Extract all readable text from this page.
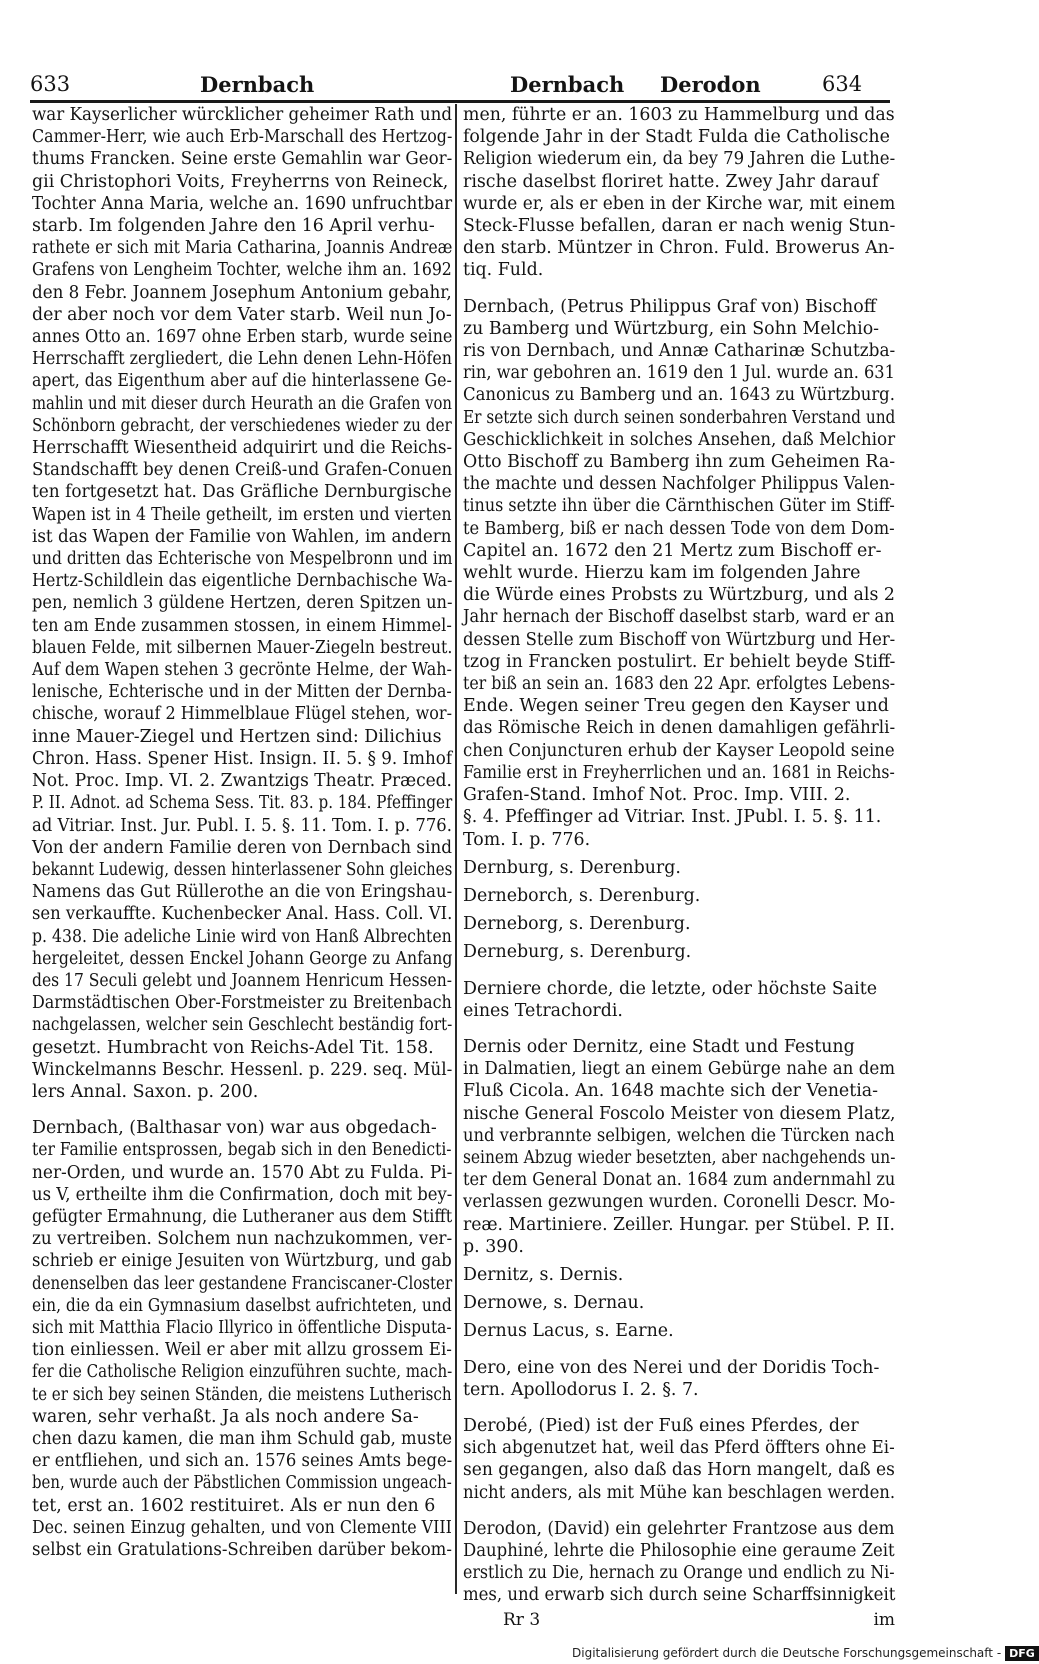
633	Dernbach	Dernbach Derodon	634

war Kayserlicher würcklicher geheimer Rath und
Cammer-Herr, wie auch Erb-Marschall des Hertzog-
thums Francken. Seine erste Gemahlin war Geor-
gii Christophori Voits, Freyherrns von Reineck,
Tochter Anna Maria, welche an. 1690 unfruchtbar
starb. Im folgenden Jahre den 16 April verhu-
rathete er sich mit Maria Catharina, Joannis Andreæ
Grafens von Lengheim Tochter, welche ihm an. 1692
den 8 Febr. Joannem Josephum Antonium gebahr,
der aber noch vor dem Vater starb. Weil nun Jo-
annes Otto an. 1697 ohne Erben starb, wurde seine
Herrschafft zergliedert, die Lehn denen Lehn-Höfen
apert, das Eigenthum aber auf die hinterlassene Ge-
mahlin und mit dieser durch Heurath an die Grafen von
Schönborn gebracht, der verschiedenes wieder zu der
Herrschafft Wiesentheid adquirirt und die Reichs-
Standschafft bey denen Creiß-und Grafen-Conuen
ten fortgesetzt hat. Das Gräfliche Dernburgische
Wapen ist in 4 Theile getheilt, im ersten und vierten
ist das Wapen der Familie von Wahlen, im andern
und dritten das Echterische von Mespelbronn und im
Hertz-Schildlein das eigentliche Dernbachische Wa-
pen, nemlich 3 güldene Hertzen, deren Spitzen un-
ten am Ende zusammen stossen, in einem Himmel-
blauen Felde, mit silbernen Mauer-Ziegeln bestreut.
Auf dem Wapen stehen 3 gecrönte Helme, der Wah-
lenische, Echterische und in der Mitten der Dernba-
chische, worauf 2 Himmelblaue Flügel stehen, wor-
inne Mauer-Ziegel und Hertzen sind: Dilichius
Chron. Hass. Spener Hist. Insign. II. 5. § 9. Imhof
Not. Proc. Imp. VI. 2. Zwantzigs Theatr. Præced.
P. II. Adnot. ad Schema Sess. Tit. 83. p. 184. Pfeffinger
ad Vitriar. Inst. Jur. Publ. I. 5. §. 11. Tom. I. p. 776.
Von der andern Familie deren von Dernbach sind
bekannt Ludewig, dessen hinterlassener Sohn gleiches
Namens das Gut Rüllerothe an die von Eringshau-
sen verkauffte. Kuchenbecker Anal. Hass. Coll. VI.
p. 438. Die adeliche Linie wird von Hanß Albrechten
hergeleitet, dessen Enckel Johann George zu Anfang
des 17 Seculi gelebt und Joannem Henricum Hessen-
Darmstädtischen Ober-Forstmeister zu Breitenbach
nachgelassen, welcher sein Geschlecht beständig fort-
gesetzt. Humbracht von Reichs-Adel Tit. 158.
Winckelmanns Beschr. Hessenl. p. 229. seq. Mül-
lers Annal. Saxon. p. 200.

Dernbach, (Balthasar von) war aus obgedach-
ter Familie entsprossen, begab sich in den Benedicti-
ner-Orden, und wurde an. 1570 Abt zu Fulda. Pi-
us V, ertheilte ihm die Confirmation, doch mit bey-
gefügter Ermahnung, die Lutheraner aus dem Stifft
zu vertreiben. Solchem nun nachzukommen, ver-
schrieb er einige Jesuiten von Würtzburg, und gab
denenselben das leer gestandene Franciscaner-Closter
ein, die da ein Gymnasium daselbst aufrichteten, und
sich mit Matthia Flacio Illyrico in öffentliche Disputa-
tion einliessen. Weil er aber mit allzu grossem Ei-
fer die Catholische Religion einzuführen suchte, mach-
te er sich bey seinen Ständen, die meistens Lutherisch
waren, sehr verhaßt. Ja als noch andere Sa-
chen dazu kamen, die man ihm Schuld gab, muste
er entfliehen, und sich an. 1576 seines Amts bege-
ben, wurde auch der Päbstlichen Commission ungeach-
tet, erst an. 1602 restituiret. Als er nun den 6
Dec. seinen Einzug gehalten, und von Clemente VIII
selbst ein Gratulations-Schreiben darüber bekom-

men, führte er an. 1603 zu Hammelburg und das
folgende Jahr in der Stadt Fulda die Catholische
Religion wiederum ein, da bey 79 Jahren die Luthe-
rische daselbst floriret hatte. Zwey Jahr darauf
wurde er, als er eben in der Kirche war, mit einem
Steck-Flusse befallen, daran er nach wenig Stun-
den starb. Müntzer in Chron. Fuld. Browerus An-
tiq. Fuld.

Dernbach, (Petrus Philippus Graf von) Bischoff
zu Bamberg und Würtzburg, ein Sohn Melchio-
ris von Dernbach, und Annæ Catharinæ Schutzba-
rin, war gebohren an. 1619 den 1 Jul. wurde an. 631
Canonicus zu Bamberg und an. 1643 zu Würtzburg.
Er setzte sich durch seinen sonderbahren Verstand und
Geschicklichkeit in solches Ansehen, daß Melchior
Otto Bischoff zu Bamberg ihn zum Geheimen Ra-
the machte und dessen Nachfolger Philippus Valen-
tinus setzte ihn über die Cärnthischen Güter im Stiff-
te Bamberg, biß er nach dessen Tode von dem Dom-
Capitel an. 1672 den 21 Mertz zum Bischoff er-
wehlt wurde. Hierzu kam im folgenden Jahre
die Würde eines Probsts zu Würtzburg, und als 2
Jahr hernach der Bischoff daselbst starb, ward er an
dessen Stelle zum Bischoff von Würtzburg und Her-
tzog in Francken postulirt. Er behielt beyde Stiff-
ter biß an sein an. 1683 den 22 Apr. erfolgtes Lebens-
Ende. Wegen seiner Treu gegen den Kayser und
das Römische Reich in denen damahligen gefährli-
chen Conjuncturen erhub der Kayser Leopold seine
Familie erst in Freyherrlichen und an. 1681 in Reichs-
Grafen-Stand. Imhof Not. Proc. Imp. VIII. 2.
§. 4. Pfeffinger ad Vitriar. Inst. JPubl. I. 5. §. 11.
Tom. I. p. 776.

Dernburg, s. Derenburg.

Derneborch, s. Derenburg.

Derneborg, s. Derenburg.

Derneburg, s. Derenburg.

Derniere chorde, die letzte, oder höchste Saite
eines Tetrachordi.

Dernis oder Dernitz, eine Stadt und Festung
in Dalmatien, liegt an einem Gebürge nahe an dem
Fluß Cicola. An. 1648 machte sich der Venetia-
nische General Foscolo Meister von diesem Platz,
und verbrannte selbigen, welchen die Türcken nach
seinem Abzug wieder besetzten, aber nachgehends un-
ter dem General Donat an. 1684 zum andernmahl zu
verlassen gezwungen wurden. Coronelli Descr. Mo-
reæ. Martiniere. Zeiller. Hungar. per Stübel. P. II.
p. 390.

Dernitz, s. Dernis.

Dernowe, s. Dernau.

Dernus Lacus, s. Earne.

Dero, eine von des Nerei und der Doridis Toch-
tern. Apollodorus I. 2. §. 7.

Derobé, (Pied) ist der Fuß eines Pferdes, der
sich abgenutzet hat, weil das Pferd öffters ohne Ei-
sen gegangen, also daß das Horn mangelt, daß es
nicht anders, als mit Mühe kan beschlagen werden.

Derodon, (David) ein gelehrter Frantzose aus dem
Dauphiné, lehrte die Philosophie eine geraume Zeit
erstlich zu Die, hernach zu Orange und endlich zu Ni-
mes, und erwarb sich durch seine Scharffsinnigkeit

Rr 3	im
Digitalisierung gefördert durch die Deutsche Forschungsgemeinschaft - DFG
